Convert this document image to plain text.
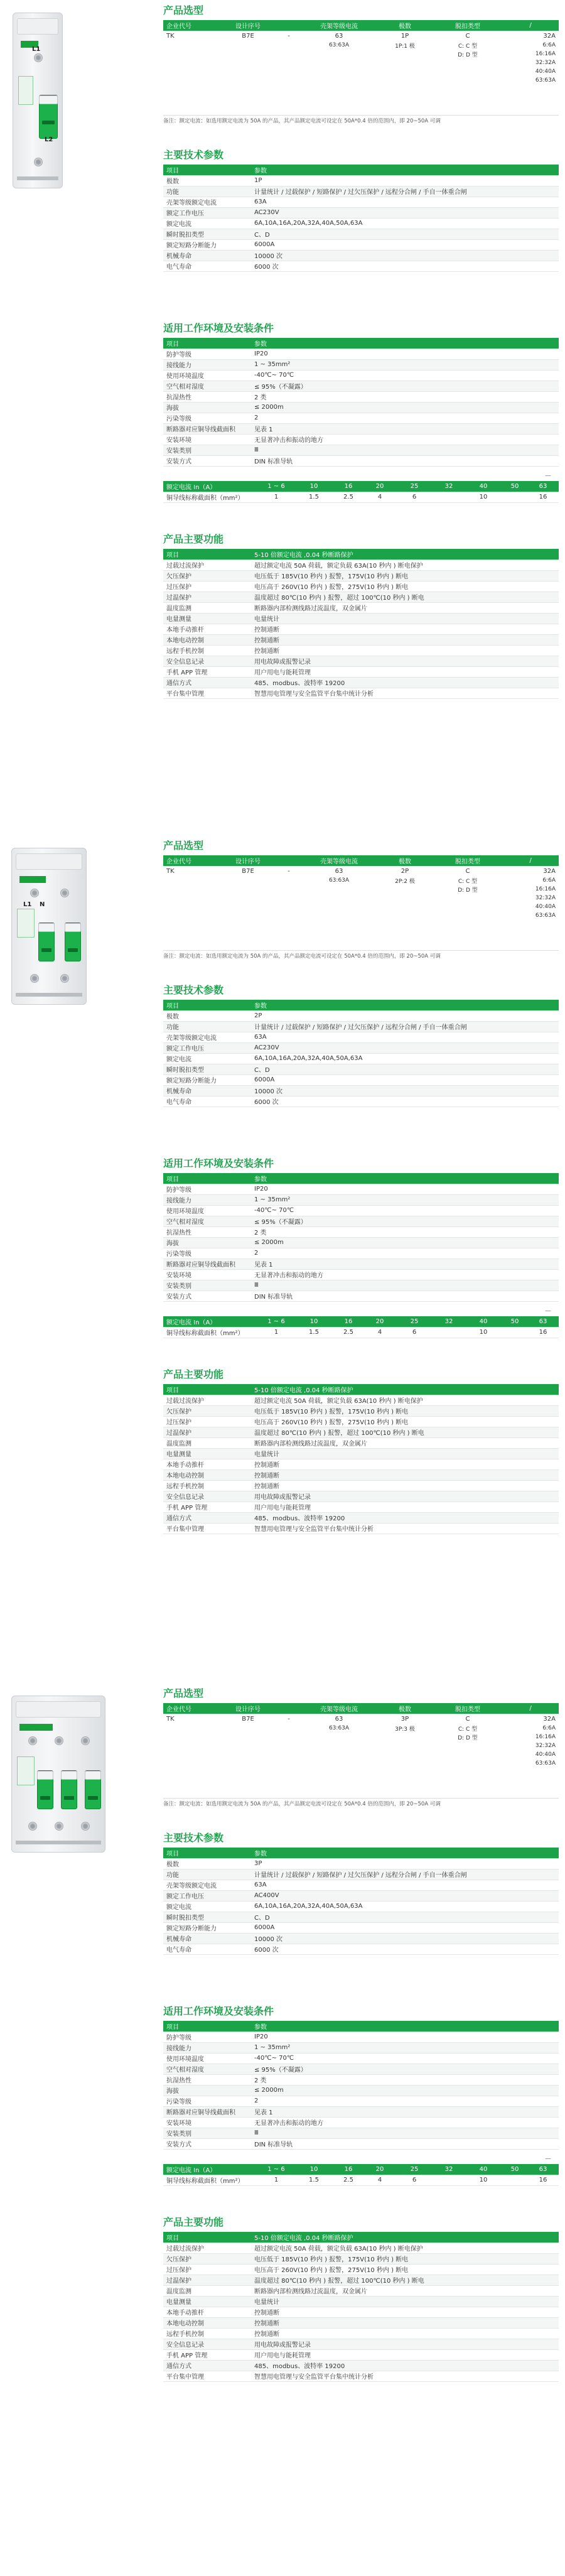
L1
L2
产品选型
企业代号	设计序号		壳架等级电流	极数	脱扣类型	/
TK	B7E	-	63	1P	C	32A
			63:63A	1P:1 极	C: C 型	6:6A
					D: D 型	16:16A
						32:32A
						40:40A
						63:63A
备注：额定电流：如选用额定电流为 50A 的产品，其产品额定电流可设定在 50A*0.4 倍的范围内，即 20~50A 可调
主要技术参数
项目	参数
极数	1P
功能	计量统计 / 过载保护 / 短路保护 / 过欠压保护 / 远程分合闸 / 手自一体重合闸
壳架等级额定电流	63A
额定工作电压	AC230V
额定电流	6A,10A,16A,20A,32A,40A,50A,63A
瞬时脱扣类型	C、D
额定短路分断能力	6000A
机械寿命	10000 次
电气寿命	6000 次
适用工作环境及安装条件
项目	参数
防护等级	IP20
接线能力	1 ~ 35mm²
使用环境温度	-40℃~ 70℃
空气相对湿度	≤ 95%（不凝露）
抗湿热性	2 类
海拔	≤ 2000m
污染等级	2
断路器对应铜导线截面积	见表 1
安装环境	无显著冲击和振动的地方
安装类别	Ⅲ
安装方式	DIN 标准导轨
—
额定电流 In（A）	1 ~ 6	10	16	20	25	32	40	50	63
铜导线标称截面积（mm²）	1	1.5	2.5	4	6		10		16
产品主要功能
项目	5-10 倍额定电流 ,0.04 秒断路保护
过载过流保护	超过额定电流 50A 荷载，额定负载 63A(10 秒内 ) 断电保护
欠压保护	电压低于 185V(10 秒内 ) 报警，175V(10 秒内 ) 断电
过压保护	电压高于 260V(10 秒内 ) 报警，275V(10 秒内 ) 断电
过温保护	温度超过 80℃(10 秒内 ) 报警，超过 100℃(10 秒内 ) 断电
温度监测	断路器内部检测线路过流温度，双金属片
电量测量	电量统计
本地手动推杆	控制通断
本地电动控制	控制通断
远程手机控制	控制通断
安全信息记录	用电故障或报警记录
手机 APP 管理	用户用电与能耗管理
通信方式	485、modbus、波特率 19200
平台集中管理	智慧用电管理与安全监管平台集中统计分析
L1 N
产品选型
企业代号	设计序号		壳架等级电流	极数	脱扣类型	/
TK	B7E	-	63	2P	C	32A
			63:63A	2P:2 极	C: C 型	6:6A
					D: D 型	16:16A
						32:32A
						40:40A
						63:63A
备注：额定电流：如选用额定电流为 50A 的产品，其产品额定电流可设定在 50A*0.4 倍的范围内，即 20~50A 可调
主要技术参数
项目	参数
极数	2P
功能	计量统计 / 过载保护 / 短路保护 / 过欠压保护 / 远程分合闸 / 手自一体重合闸
壳架等级额定电流	63A
额定工作电压	AC230V
额定电流	6A,10A,16A,20A,32A,40A,50A,63A
瞬时脱扣类型	C、D
额定短路分断能力	6000A
机械寿命	10000 次
电气寿命	6000 次
适用工作环境及安装条件
项目	参数
防护等级	IP20
接线能力	1 ~ 35mm²
使用环境温度	-40℃~ 70℃
空气相对湿度	≤ 95%（不凝露）
抗湿热性	2 类
海拔	≤ 2000m
污染等级	2
断路器对应铜导线截面积	见表 1
安装环境	无显著冲击和振动的地方
安装类别	Ⅲ
安装方式	DIN 标准导轨
—
额定电流 In（A）	1 ~ 6	10	16	20	25	32	40	50	63
铜导线标称截面积（mm²）	1	1.5	2.5	4	6		10		16
产品主要功能
项目	5-10 倍额定电流 ,0.04 秒断路保护
过载过流保护	超过额定电流 50A 荷载，额定负载 63A(10 秒内 ) 断电保护
欠压保护	电压低于 185V(10 秒内 ) 报警，175V(10 秒内 ) 断电
过压保护	电压高于 260V(10 秒内 ) 报警，275V(10 秒内 ) 断电
过温保护	温度超过 80℃(10 秒内 ) 报警，超过 100℃(10 秒内 ) 断电
温度监测	断路器内部检测线路过流温度，双金属片
电量测量	电量统计
本地手动推杆	控制通断
本地电动控制	控制通断
远程手机控制	控制通断
安全信息记录	用电故障或报警记录
手机 APP 管理	用户用电与能耗管理
通信方式	485、modbus、波特率 19200
平台集中管理	智慧用电管理与安全监管平台集中统计分析
产品选型
企业代号	设计序号		壳架等级电流	极数	脱扣类型	/
TK	B7E	-	63	3P	C	32A
			63:63A	3P:3 极	C: C 型	6:6A
					D: D 型	16:16A
						32:32A
						40:40A
						63:63A
备注：额定电流：如选用额定电流为 50A 的产品，其产品额定电流可设定在 50A*0.4 倍的范围内，即 20~50A 可调
主要技术参数
项目	参数
极数	3P
功能	计量统计 / 过载保护 / 短路保护 / 过欠压保护 / 远程分合闸 / 手自一体重合闸
壳架等级额定电流	63A
额定工作电压	AC400V
额定电流	6A,10A,16A,20A,32A,40A,50A,63A
瞬时脱扣类型	C、D
额定短路分断能力	6000A
机械寿命	10000 次
电气寿命	6000 次
适用工作环境及安装条件
项目	参数
防护等级	IP20
接线能力	1 ~ 35mm²
使用环境温度	-40℃~ 70℃
空气相对湿度	≤ 95%（不凝露）
抗湿热性	2 类
海拔	≤ 2000m
污染等级	2
断路器对应铜导线截面积	见表 1
安装环境	无显著冲击和振动的地方
安装类别	Ⅲ
安装方式	DIN 标准导轨
—
额定电流 In（A）	1 ~ 6	10	16	20	25	32	40	50	63
铜导线标称截面积（mm²）	1	1.5	2.5	4	6		10		16
产品主要功能
项目	5-10 倍额定电流 ,0.04 秒断路保护
过载过流保护	超过额定电流 50A 荷载，额定负载 63A(10 秒内 ) 断电保护
欠压保护	电压低于 185V(10 秒内 ) 报警，175V(10 秒内 ) 断电
过压保护	电压高于 260V(10 秒内 ) 报警，275V(10 秒内 ) 断电
过温保护	温度超过 80℃(10 秒内 ) 报警，超过 100℃(10 秒内 ) 断电
温度监测	断路器内部检测线路过流温度，双金属片
电量测量	电量统计
本地手动推杆	控制通断
本地电动控制	控制通断
远程手机控制	控制通断
安全信息记录	用电故障或报警记录
手机 APP 管理	用户用电与能耗管理
通信方式	485、modbus、波特率 19200
平台集中管理	智慧用电管理与安全监管平台集中统计分析
